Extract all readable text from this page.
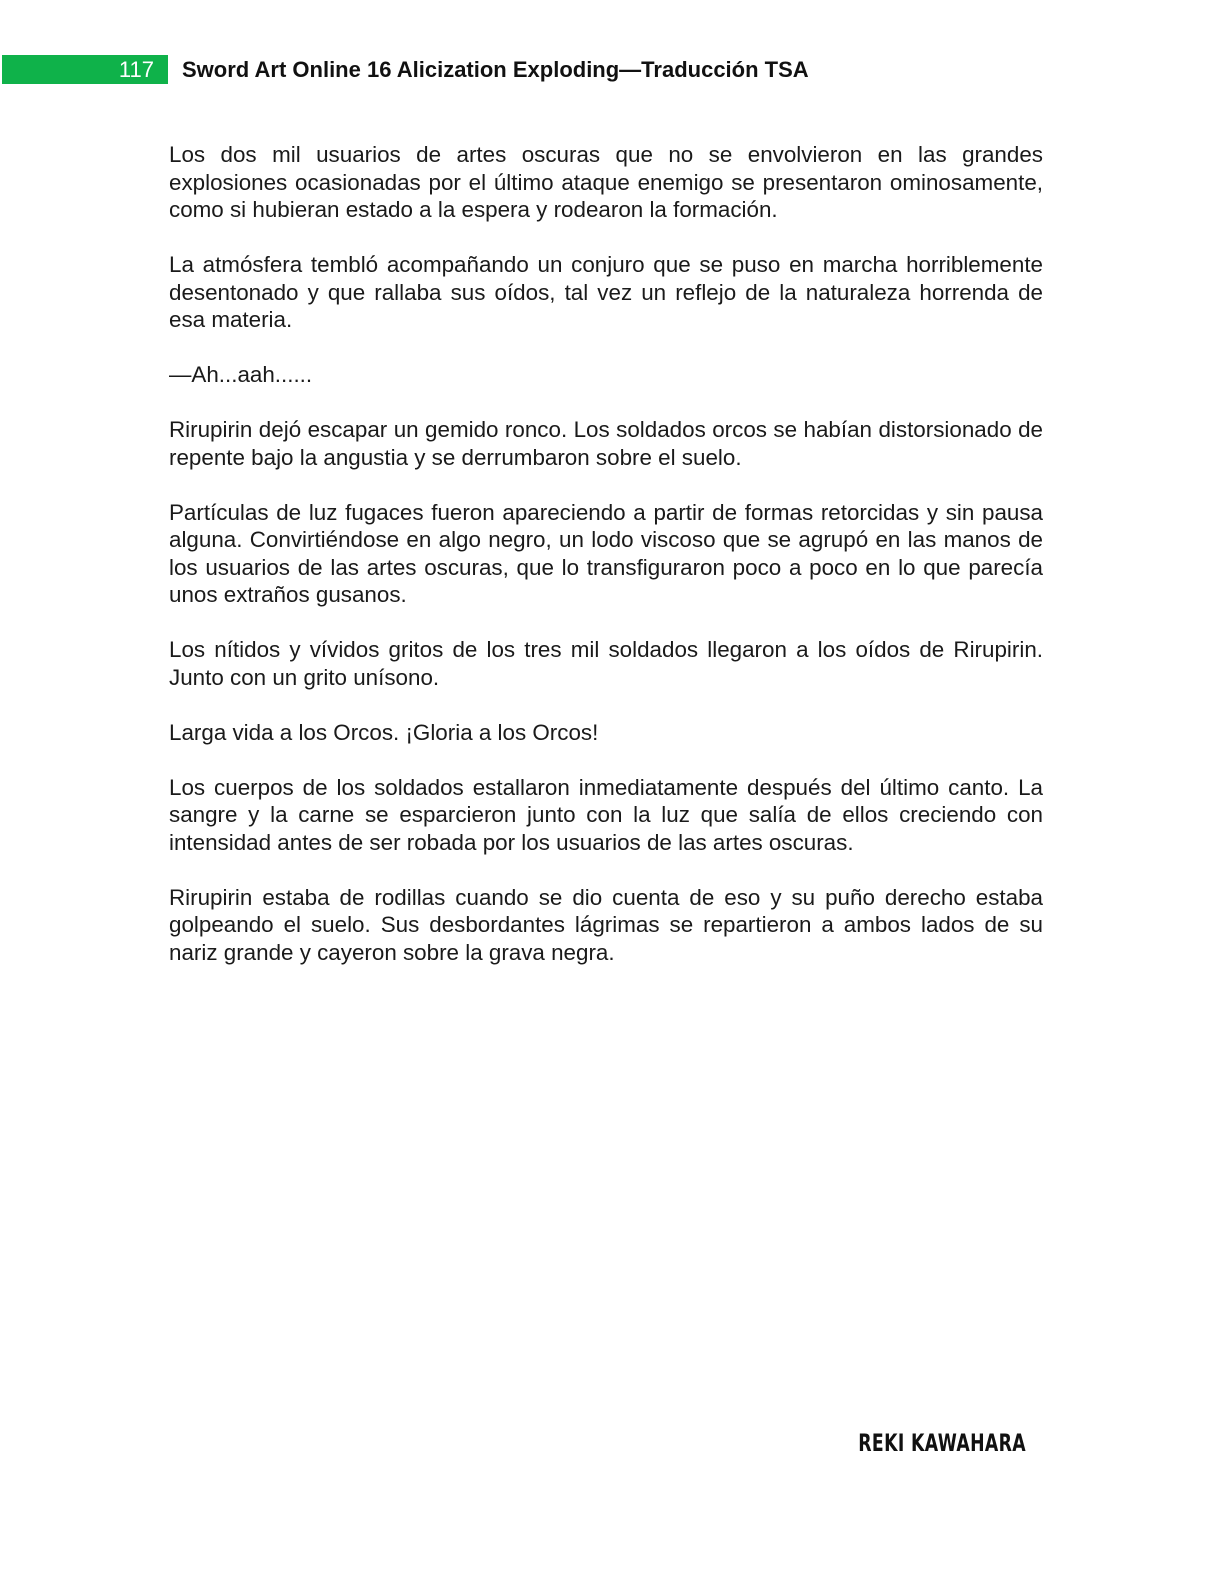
117	Sword Art Online 16 Alicization Exploding—Traducción TSA

Los dos mil usuarios de artes oscuras que no se envolvieron en las grandes explosiones ocasionadas por el último ataque enemigo se presentaron ominosamente, como si hubieran estado a la espera y rodearon la formación.

La atmósfera tembló acompañando un conjuro que se puso en marcha horriblemente desentonado y que rallaba sus oídos, tal vez un reflejo de la naturaleza horrenda de esa materia.

—Ah...aah......

Rirupirin dejó escapar un gemido ronco. Los soldados orcos se habían distorsionado de repente bajo la angustia y se derrumbaron sobre el suelo.

Partículas de luz fugaces fueron apareciendo a partir de formas retorcidas y sin pausa alguna. Convirtiéndose en algo negro, un lodo viscoso que se agrupó en las manos de los usuarios de las artes oscuras, que lo transfiguraron poco a poco en lo que parecía unos extraños gusanos.

Los nítidos y vívidos gritos de los tres mil soldados llegaron a los oídos de Rirupirin. Junto con un grito unísono.

Larga vida a los Orcos. ¡Gloria a los Orcos!

Los cuerpos de los soldados estallaron inmediatamente después del último canto. La sangre y la carne se esparcieron junto con la luz que salía de ellos creciendo con intensidad antes de ser robada por los usuarios de las artes oscuras.

Rirupirin estaba de rodillas cuando se dio cuenta de eso y su puño derecho estaba golpeando el suelo. Sus desbordantes lágrimas se repartieron a ambos lados de su nariz grande y cayeron sobre la grava negra.

REKI KAWAHARA
